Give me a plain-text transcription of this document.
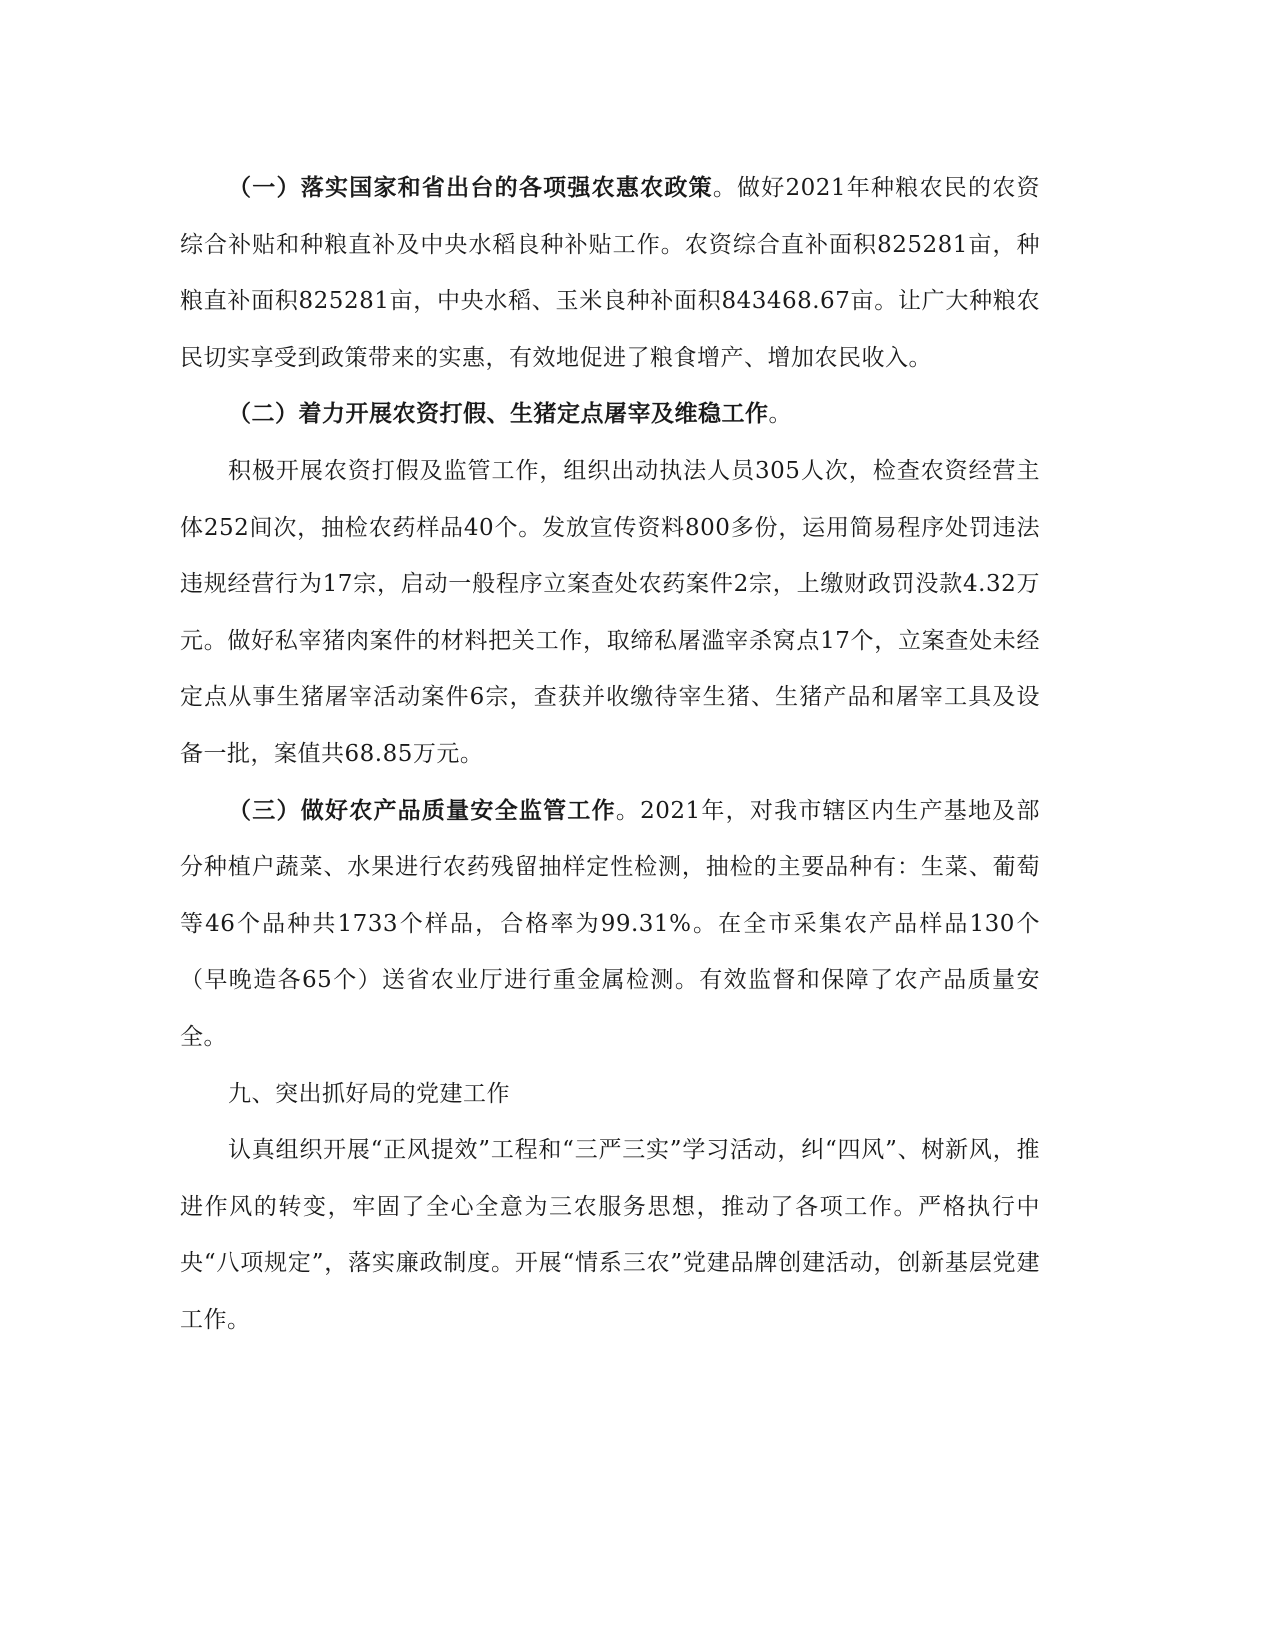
（一）落实国家和省出台的各项强农惠农政策。做好2021年种粮农民的农资综合补贴和种粮直补及中央水稻良种补贴工作。农资综合直补面积825281亩，种粮直补面积825281亩，中央水稻、玉米良种补面积843468.67亩。让广大种粮农民切实享受到政策带来的实惠，有效地促进了粮食增产、增加农民收入。

（二）着力开展农资打假、生猪定点屠宰及维稳工作。

积极开展农资打假及监管工作，组织出动执法人员305人次，检查农资经营主体252间次，抽检农药样品40个。发放宣传资料800多份，运用简易程序处罚违法违规经营行为17宗，启动一般程序立案查处农药案件2宗，上缴财政罚没款4.32万元。做好私宰猪肉案件的材料把关工作，取缔私屠滥宰杀窝点17个，立案查处未经定点从事生猪屠宰活动案件6宗，查获并收缴待宰生猪、生猪产品和屠宰工具及设备一批，案值共68.85万元。

（三）做好农产品质量安全监管工作。2021年，对我市辖区内生产基地及部分种植户蔬菜、水果进行农药残留抽样定性检测，抽检的主要品种有：生菜、葡萄等46个品种共1733个样品，合格率为99.31%。在全市采集农产品样品130个（早晚造各65个）送省农业厅进行重金属检测。有效监督和保障了农产品质量安全。

九、突出抓好局的党建工作

认真组织开展“正风提效”工程和“三严三实”学习活动，纠“四风”、树新风，推进作风的转变，牢固了全心全意为三农服务思想，推动了各项工作。严格执行中央“八项规定”，落实廉政制度。开展“情系三农”党建品牌创建活动，创新基层党建工作。
